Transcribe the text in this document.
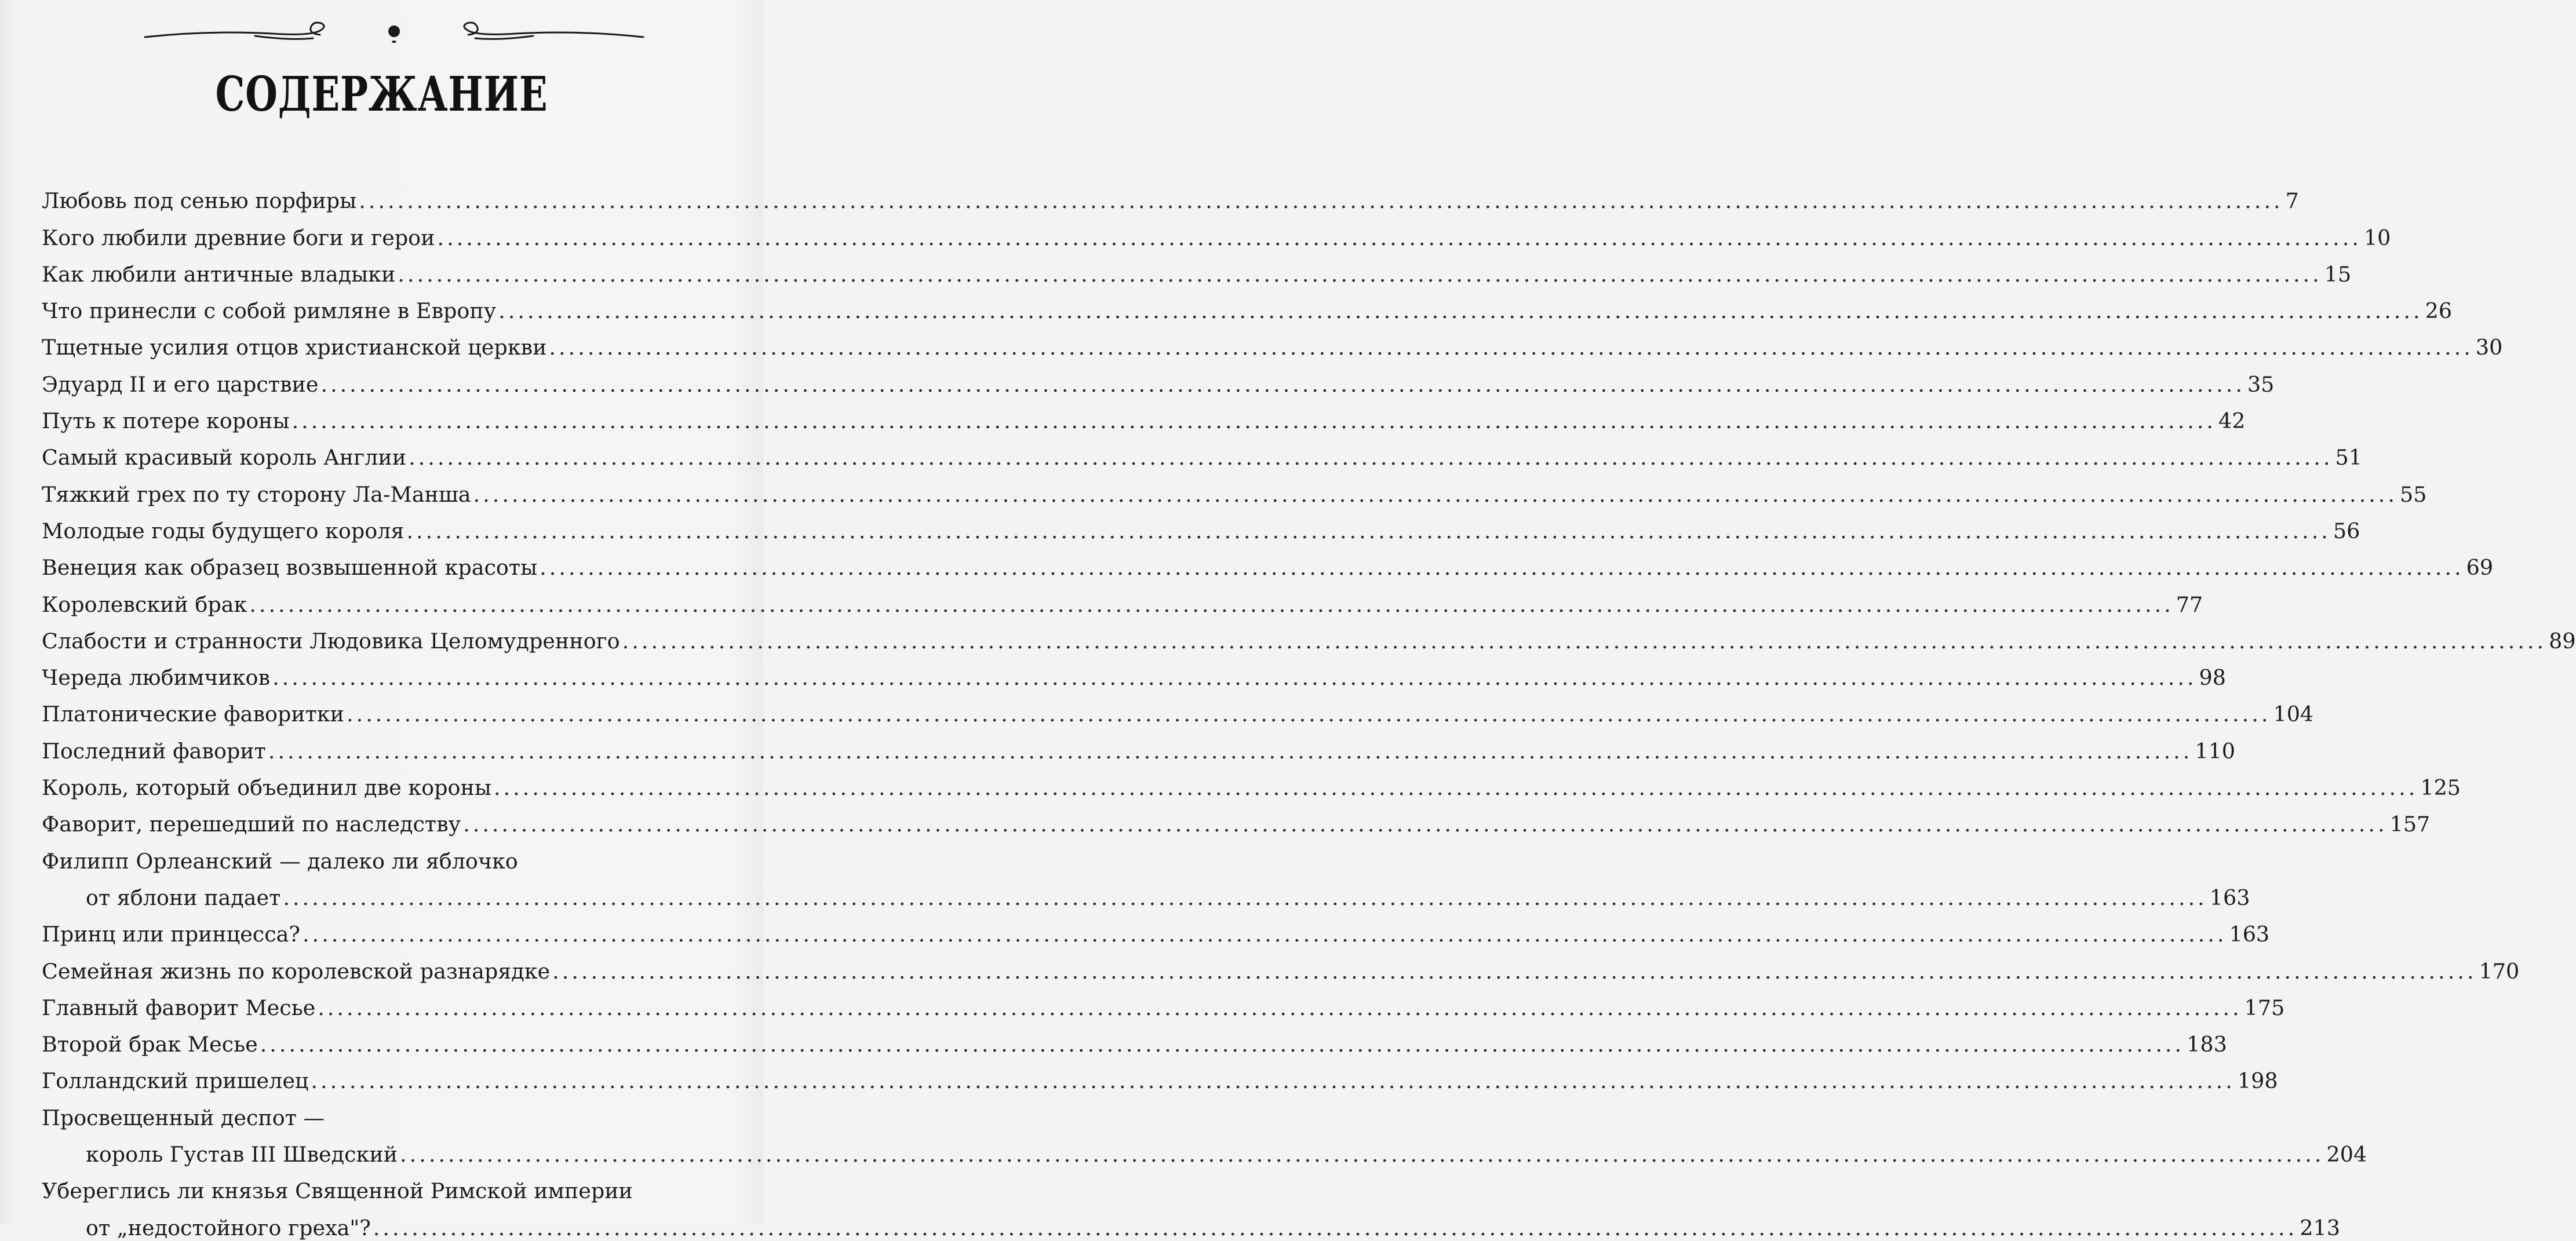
СОДЕРЖАНИЕ
Любовь под сенью порфиры ........................................................................................................................................................................................................ 7
Кого любили древние боги и герои ........................................................................................................................................................................................................ 10
Как любили античные владыки ........................................................................................................................................................................................................ 15
Что принесли с собой римляне в Европу ........................................................................................................................................................................................................ 26
Тщетные усилия отцов христианской церкви ........................................................................................................................................................................................................ 30
Эдуард II и его царствие ........................................................................................................................................................................................................ 35
Путь к потере короны ........................................................................................................................................................................................................ 42
Самый красивый король Англии ........................................................................................................................................................................................................ 51
Тяжкий грех по ту сторону Ла-Манша ........................................................................................................................................................................................................ 55
Молодые годы будущего короля ........................................................................................................................................................................................................ 56
Венеция как образец возвышенной красоты ........................................................................................................................................................................................................ 69
Королевский брак ........................................................................................................................................................................................................ 77
Слабости и странности Людовика Целомудренного ........................................................................................................................................................................................................ 89
Череда любимчиков ........................................................................................................................................................................................................ 98
Платонические фаворитки ........................................................................................................................................................................................................ 104
Последний фаворит ........................................................................................................................................................................................................ 110
Король, который объединил две короны ........................................................................................................................................................................................................ 125
Фаворит, перешедший по наследству ........................................................................................................................................................................................................ 157
Филипп Орлеанский — далеко ли яблочко
от яблони падает ........................................................................................................................................................................................................ 163
Принц или принцесса? ........................................................................................................................................................................................................ 163
Семейная жизнь по королевской разнарядке ........................................................................................................................................................................................................ 170
Главный фаворит Месье ........................................................................................................................................................................................................ 175
Второй брак Месье ........................................................................................................................................................................................................ 183
Голландский пришелец ........................................................................................................................................................................................................ 198
Просвещенный деспот —
король Густав III Шведский ........................................................................................................................................................................................................ 204
Убереглись ли князья Священной Римской империи
от „недостойного греха"? ........................................................................................................................................................................................................ 213
